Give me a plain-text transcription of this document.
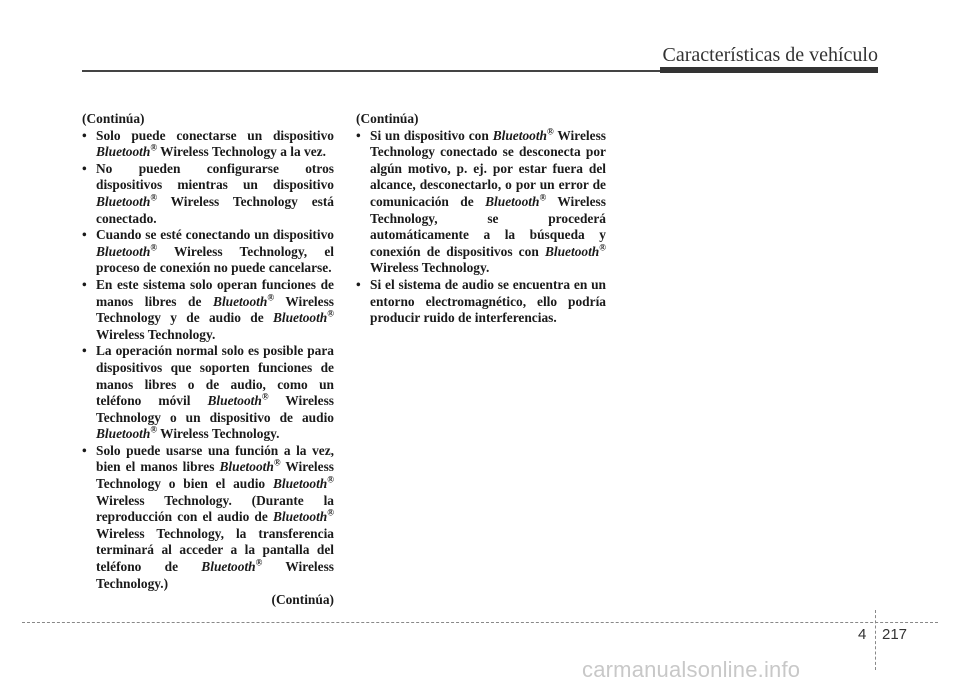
Características de vehículo

(Continúa)

• Solo puede conectarse un dispositivo Bluetooth® Wireless Technology a la vez.
• No pueden configurarse otros dispositivos mientras un dispositivo Bluetooth® Wireless Technology está conectado.
• Cuando se esté conectando un dispositivo Bluetooth® Wireless Technology, el proceso de conexión no puede cancelarse.
• En este sistema solo operan funciones de manos libres de Bluetooth® Wireless Technology y de audio de Bluetooth® Wireless Technology.
• La operación normal solo es posible para dispositivos que soporten funciones de manos libres o de audio, como un teléfono móvil Bluetooth® Wireless Technology o un dispositivo de audio Bluetooth® Wireless Technology.
• Solo puede usarse una función a la vez, bien el manos libres Bluetooth® Wireless Technology o bien el audio Bluetooth® Wireless Technology. (Durante la reproducción con el audio de Bluetooth® Wireless Technology, la transferencia terminará al acceder a la pantalla del teléfono de Bluetooth® Wireless Technology.)

(Continúa)

(Continúa)

• Si un dispositivo con Bluetooth® Wireless Technology conectado se desconecta por algún motivo, p. ej. por estar fuera del alcance, desconectarlo, o por un error de comunicación de Bluetooth® Wireless Technology, se procederá automáticamente a la búsqueda y conexión de dispositivos con Bluetooth® Wireless Technology.
• Si el sistema de audio se encuentra en un entorno electromagnético, ello podría producir ruido de interferencias.
4 217
carmanualsonline.info
